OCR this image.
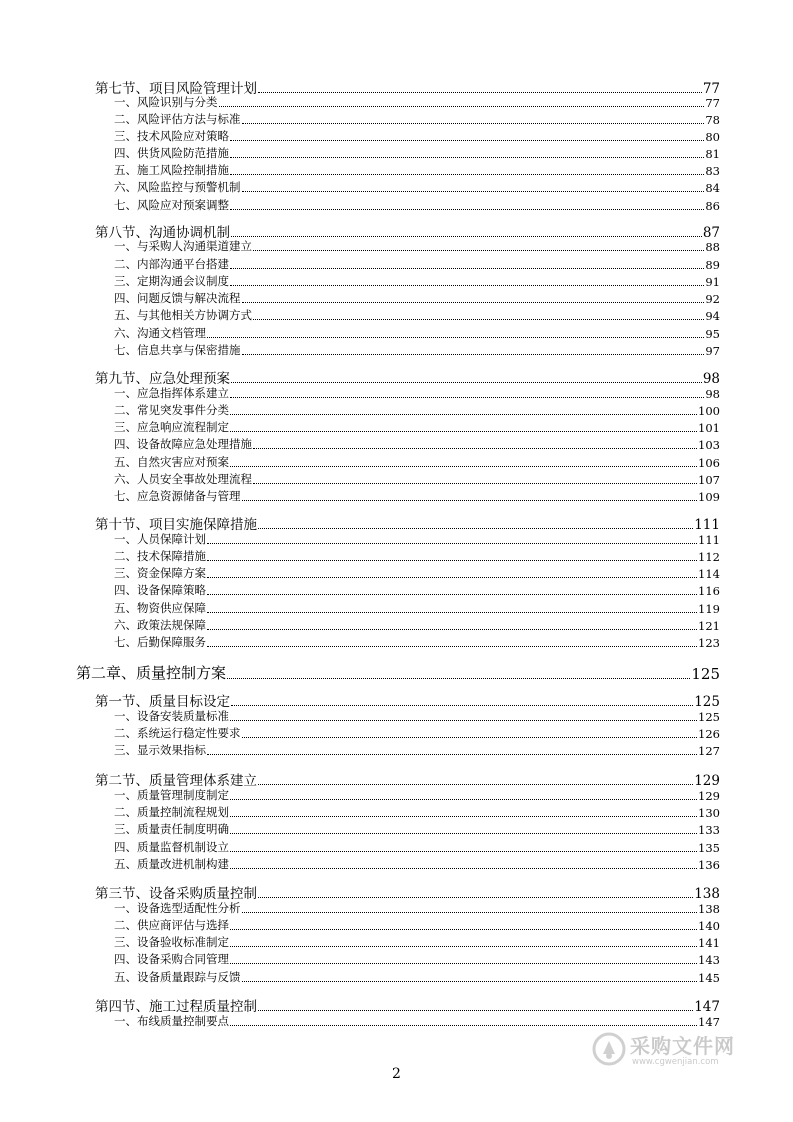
第七节、项目风险管理计划	77
一、风险识别与分类	77
二、风险评估方法与标准	78
三、技术风险应对策略	80
四、供货风险防范措施	81
五、施工风险控制措施	83
六、风险监控与预警机制	84
七、风险应对预案调整	86
第八节、沟通协调机制	87
一、与采购人沟通渠道建立	88
二、内部沟通平台搭建	89
三、定期沟通会议制度	91
四、问题反馈与解决流程	92
五、与其他相关方协调方式	94
六、沟通文档管理	95
七、信息共享与保密措施	97
第九节、应急处理预案	98
一、应急指挥体系建立	98
二、常见突发事件分类	100
三、应急响应流程制定	101
四、设备故障应急处理措施	103
五、自然灾害应对预案	106
六、人员安全事故处理流程	107
七、应急资源储备与管理	109
第十节、项目实施保障措施	111
一、人员保障计划	111
二、技术保障措施	112
三、资金保障方案	114
四、设备保障策略	116
五、物资供应保障	119
六、政策法规保障	121
七、后勤保障服务	123
第二章、质量控制方案	125
第一节、质量目标设定	125
一、设备安装质量标准	125
二、系统运行稳定性要求	126
三、显示效果指标	127
第二节、质量管理体系建立	129
一、质量管理制度制定	129
二、质量控制流程规划	130
三、质量责任制度明确	133
四、质量监督机制设立	135
五、质量改进机制构建	136
第三节、设备采购质量控制	138
一、设备选型适配性分析	138
二、供应商评估与选择	140
三、设备验收标准制定	141
四、设备采购合同管理	143
五、设备质量跟踪与反馈	145
第四节、施工过程质量控制	147
一、布线质量控制要点	147
2
采购文件网
www.cgwenjian.com
